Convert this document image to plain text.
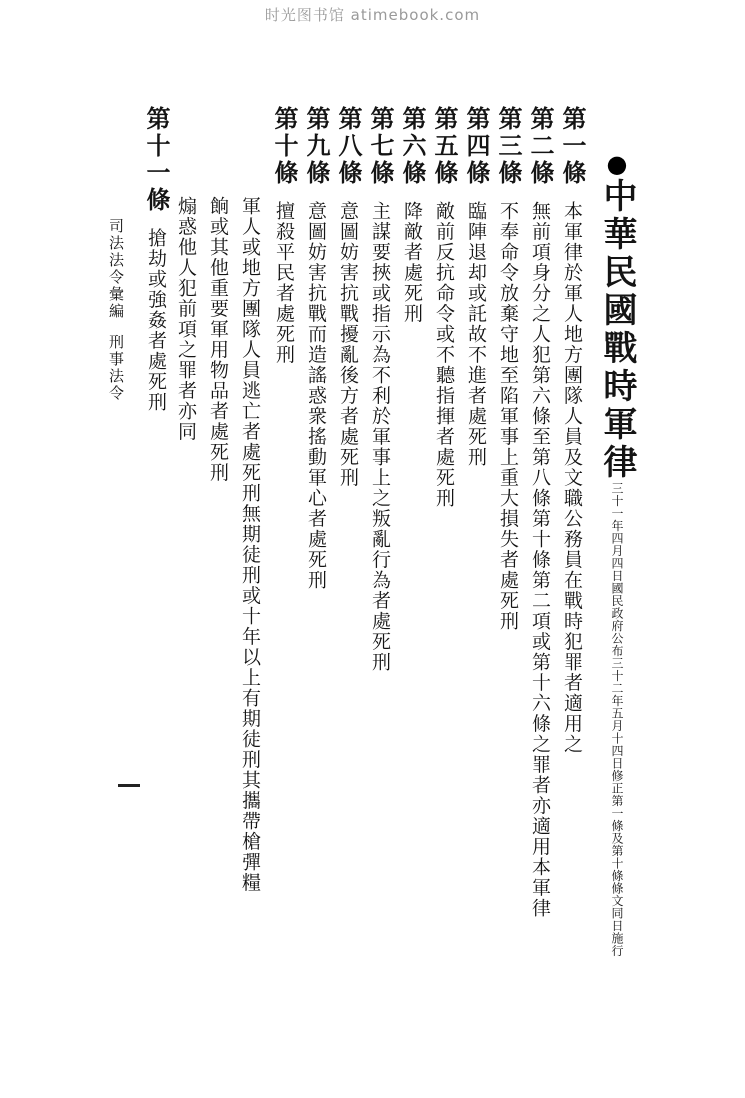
时光图书馆 atimebook.com
●中華民國戰時軍律三十一年四月四日國民政府公布三十二年五月十四日修正第一條及第十條條文同日施行
第一條本軍律於軍人地方團隊人員及文職公務員在戰時犯罪者適用之
第二條無前項身分之人犯第六條至第八條第十條第二項或第十六條之罪者亦適用本軍律
第三條不奉命令放棄守地至陷軍事上重大損失者處死刑
第四條臨陣退却或託故不進者處死刑
第五條敵前反抗命令或不聽指揮者處死刑
第六條降敵者處死刑
第七條主謀要挾或指示為不利於軍事上之叛亂行為者處死刑
第八條意圖妨害抗戰擾亂後方者處死刑
第九條意圖妨害抗戰而造謠惑衆搖動軍心者處死刑
第十條擅殺平民者處死刑
軍人或地方團隊人員逃亡者處死刑無期徒刑或十年以上有期徒刑其攜帶槍彈糧
餉或其他重要軍用物品者處死刑
煽惑他人犯前項之罪者亦同
第十一條搶劫或強姦者處死刑
司法法令彙編刑事法令
